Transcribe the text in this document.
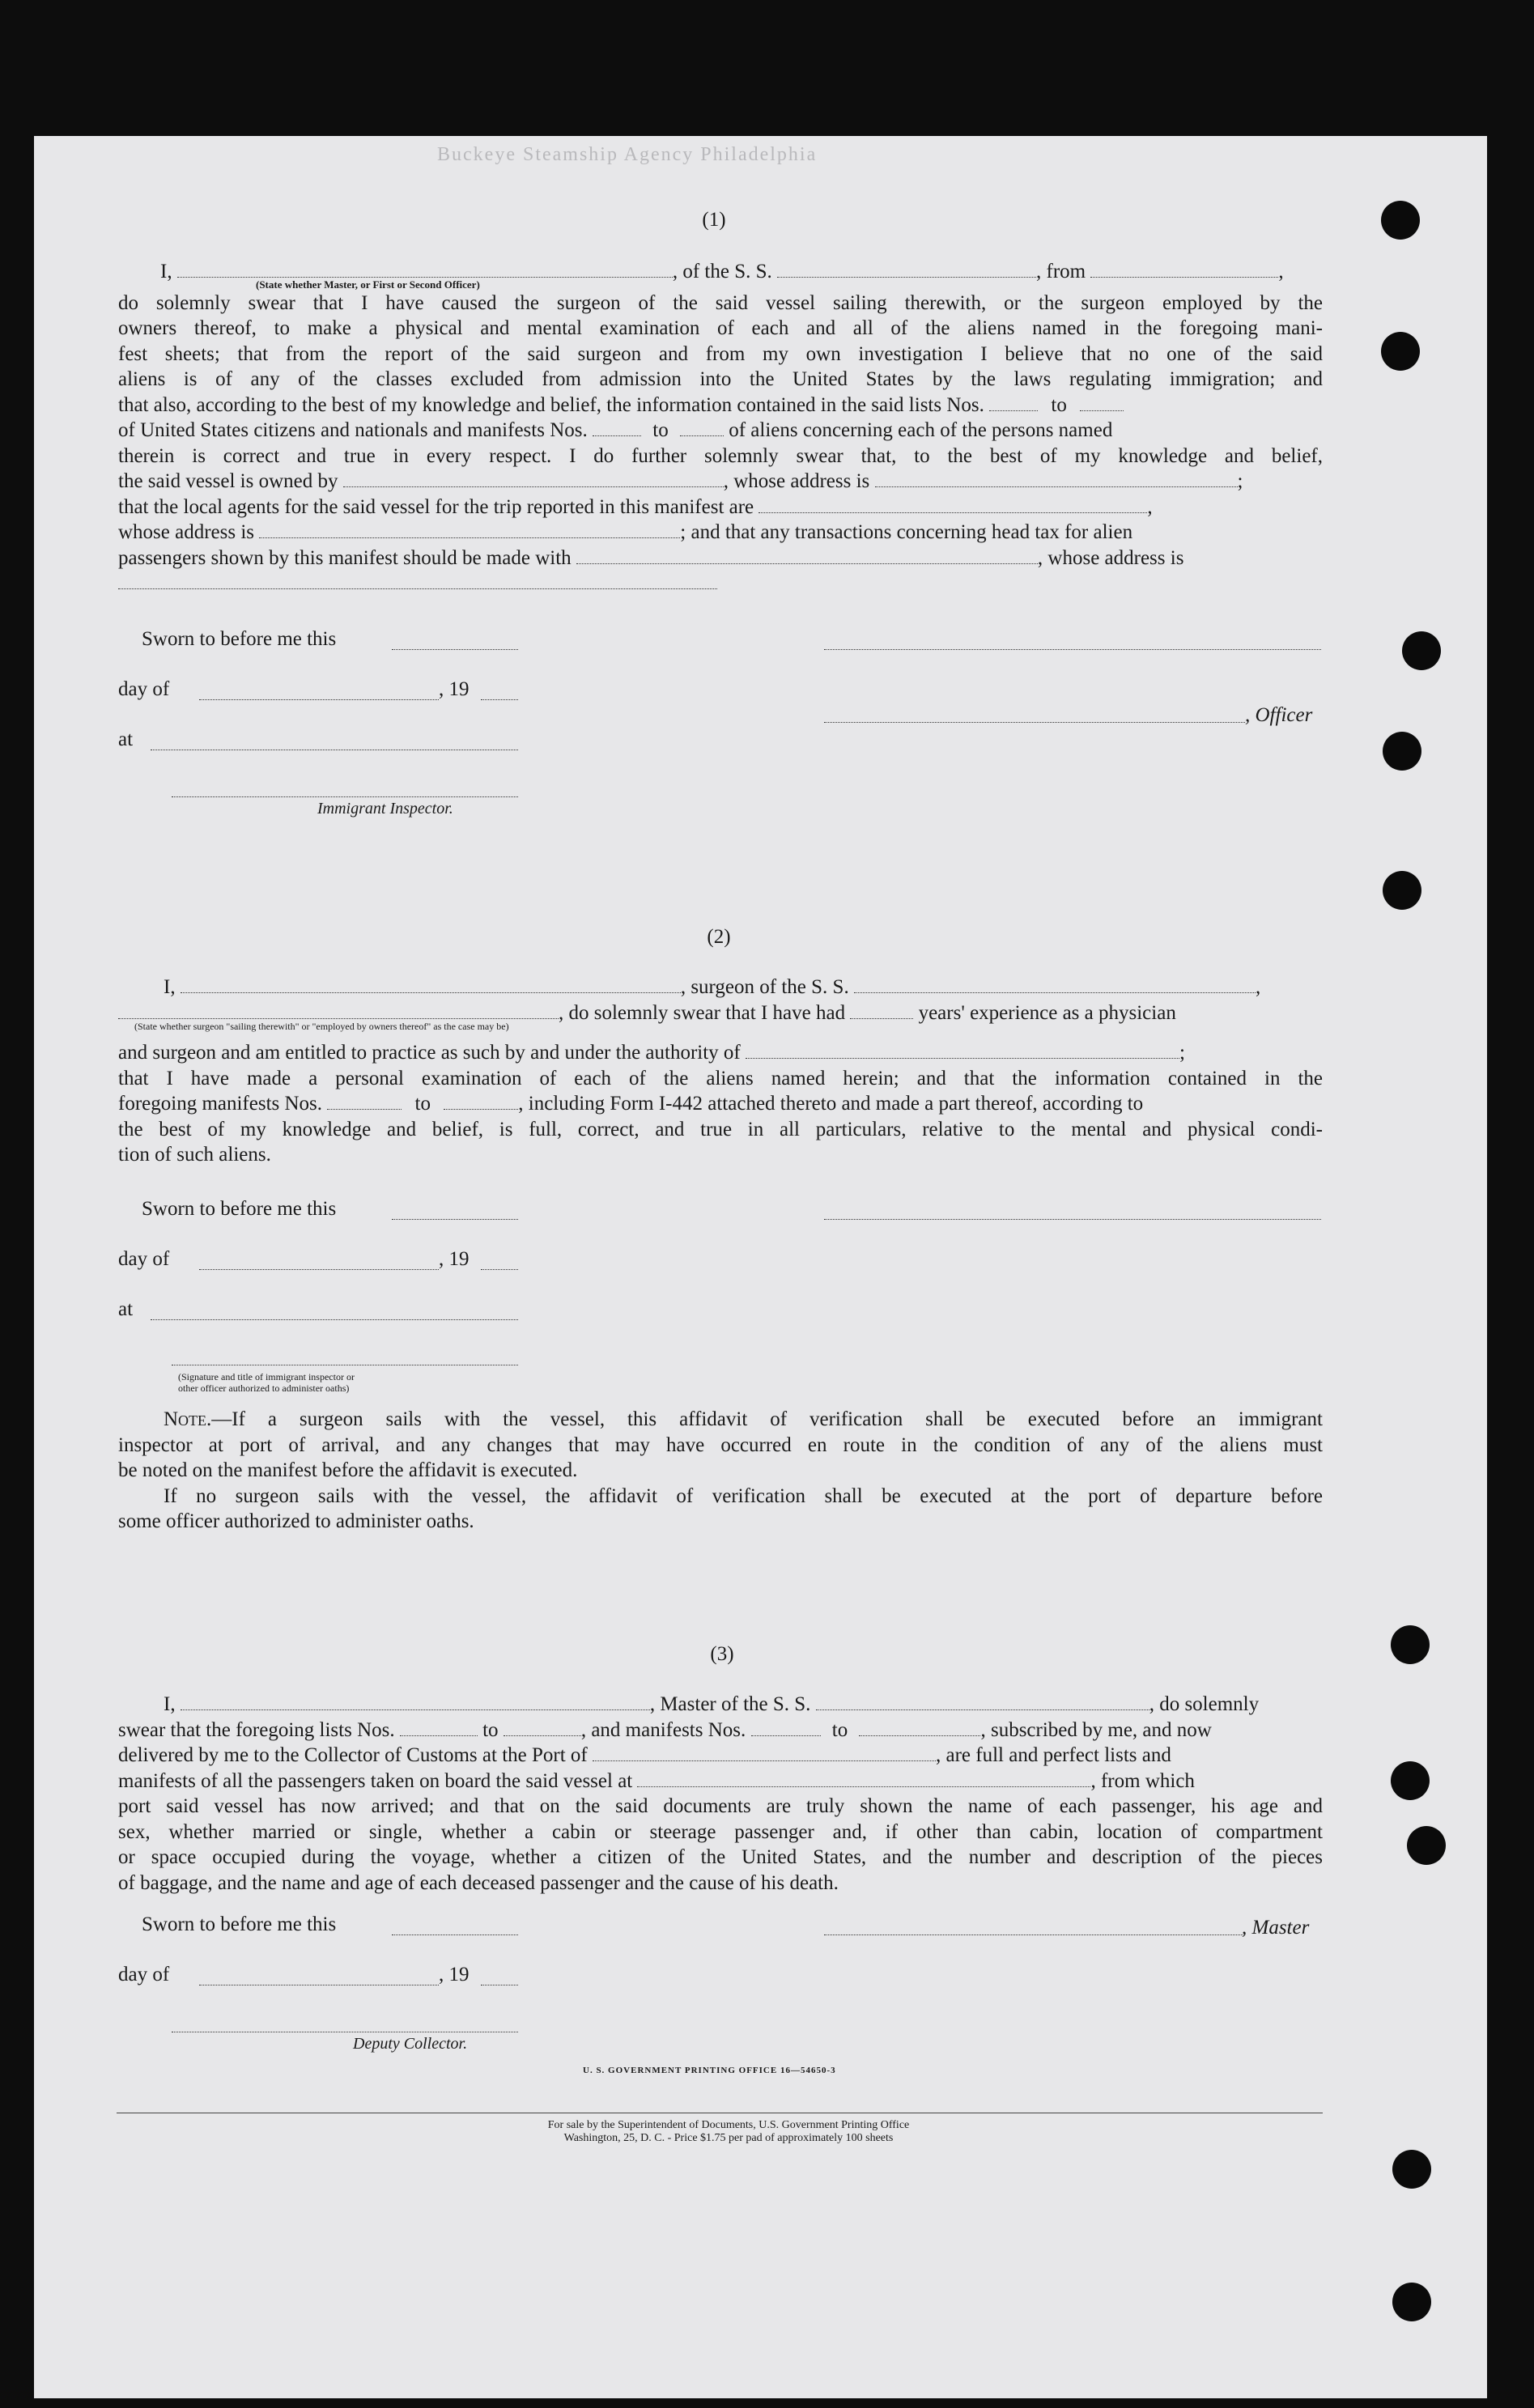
Buckeye Steamship Agency Philadelphia
(1)
I,	, of the S. S.	, from	,
(State whether Master, or First or Second Officer)
do solemnly swear that I have caused the surgeon of the said vessel sailing therewith, or the surgeon employed by the
owners thereof, to make a physical and mental examination of each and all of the aliens named in the foregoing mani-
fest sheets; that from the report of the said surgeon and from my own investigation I believe that no one of the said
aliens is of any of the classes excluded from admission into the United States by the laws regulating immigration; and
that also, according to the best of my knowledge and belief, the information contained in the said lists Nos.	to
of United States citizens and nationals and manifests Nos.	to	of aliens concerning each of the persons named
therein is correct and true in every respect. I do further solemnly swear that, to the best of my knowledge and belief,
the said vessel is owned by	, whose address is	;
that the local agents for the said vessel for the trip reported in this manifest are	,
whose address is	; and that any transactions concerning head tax for alien
passengers shown by this manifest should be made with	, whose address is
Sworn to before me this
day of	, 19
, Officer
at
Immigrant Inspector.
(2)
I,	, surgeon of the S. S.	,
, do solemnly swear that I have had	years' experience as a physician
(State whether surgeon "sailing therewith" or "employed by owners thereof" as the case may be)
and surgeon and am entitled to practice as such by and under the authority of	;
that I have made a personal examination of each of the aliens named herein; and that the information contained in the
foregoing manifests Nos.	to	, including Form I-442 attached thereto and made a part thereof, according to
the best of my knowledge and belief, is full, correct, and true in all particulars, relative to the mental and physical condi-
tion of such aliens.
Sworn to before me this
day of	, 19
at
(Signature and title of immigrant inspector or
other officer authorized to administer oaths)
Note.—If a surgeon sails with the vessel, this affidavit of verification shall be executed before an immigrant
inspector at port of arrival, and any changes that may have occurred en route in the condition of any of the aliens must
be noted on the manifest before the affidavit is executed.
If no surgeon sails with the vessel, the affidavit of verification shall be executed at the port of departure before
some officer authorized to administer oaths.
(3)
I,	, Master of the S. S.	, do solemnly
swear that the foregoing lists Nos.	to	, and manifests Nos.	to	, subscribed by me, and now
delivered by me to the Collector of Customs at the Port of	, are full and perfect lists and
manifests of all the passengers taken on board the said vessel at	, from which
port said vessel has now arrived; and that on the said documents are truly shown the name of each passenger, his age and
sex, whether married or single, whether a cabin or steerage passenger and, if other than cabin, location of compartment
or space occupied during the voyage, whether a citizen of the United States, and the number and description of the pieces
of baggage, and the name and age of each deceased passenger and the cause of his death.
Sworn to before me this	, Master
day of	, 19
Deputy Collector.
U. S. GOVERNMENT PRINTING OFFICE 16—54650-3
For sale by the Superintendent of Documents, U.S. Government Printing Office
Washington, 25, D. C. - Price $1.75 per pad of approximately 100 sheets
